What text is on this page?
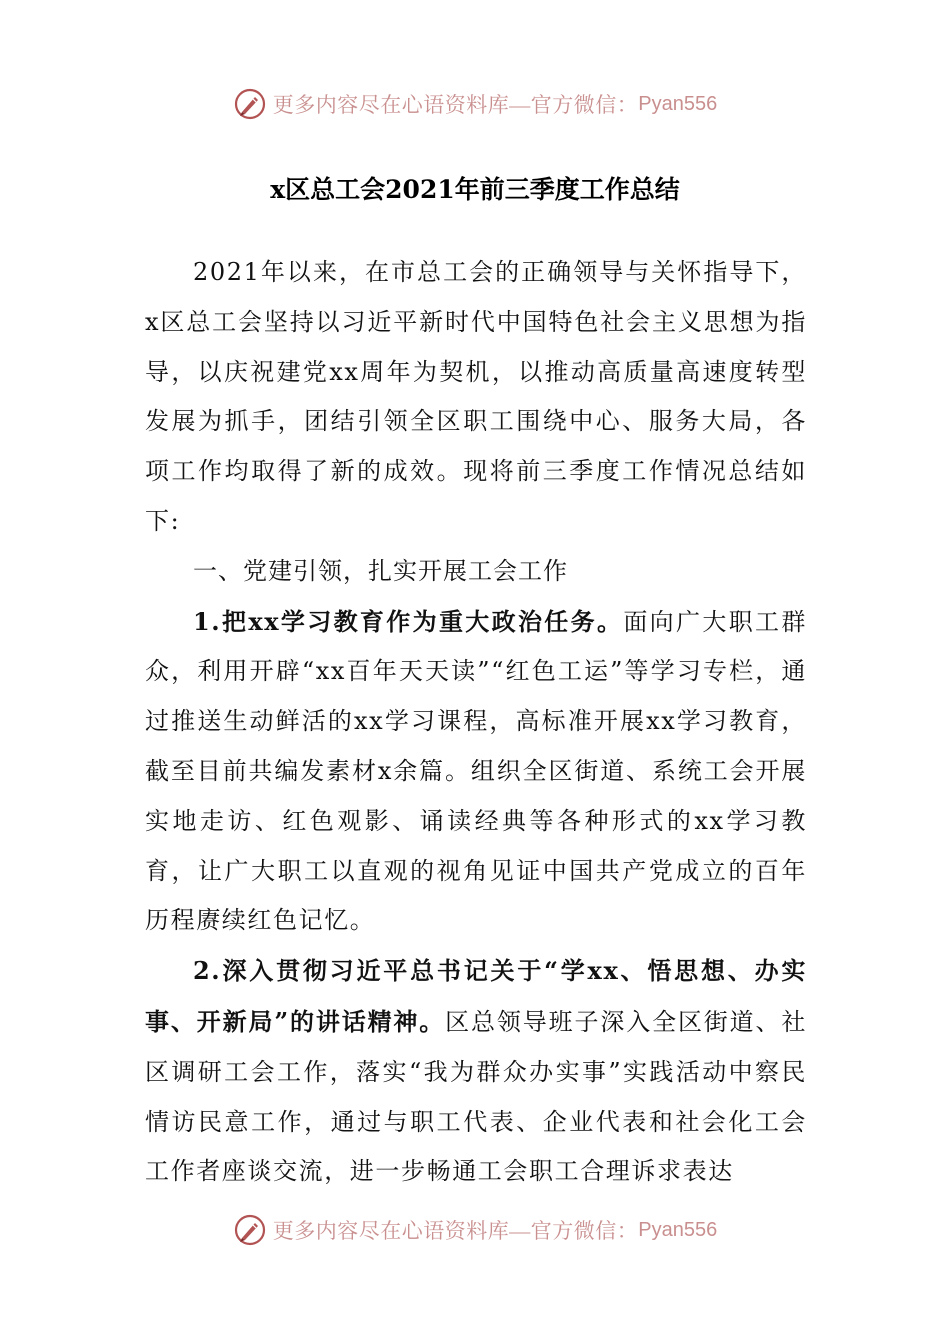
更多内容尽在心语资料库—官方微信： Pyan556
x区总工会2021年前三季度工作总结

2021年以来，在市总工会的正确领导与关怀指导下，x区总工会坚持以习近平新时代中国特色社会主义思想为指导，以庆祝建党xx周年为契机，以推动高质量高速度转型发展为抓手，团结引领全区职工围绕中心、服务大局，各项工作均取得了新的成效。现将前三季度工作情况总结如下:

一、党建引领，扎实开展工会工作

1.把xx学习教育作为重大政治任务。面向广大职工群众，利用开辟“xx百年天天读”“红色工运”等学习专栏，通过推送生动鲜活的xx学习课程，高标准开展xx学习教育，截至目前共编发素材x余篇。组织全区街道、系统工会开展实地走访、红色观影、诵读经典等各种形式的xx学习教育，让广大职工以直观的视角见证中国共产党成立的百年历程赓续红色记忆。

2.深入贯彻习近平总书记关于“学xx、悟思想、办实事、开新局”的讲话精神。区总领导班子深入全区街道、社区调研工会工作，落实“我为群众办实事”实践活动中察民情访民意工作，通过与职工代表、企业代表和社会化工会工作者座谈交流，进一步畅通工会职工合理诉求表达

更多内容尽在心语资料库—官方微信： Pyan556
